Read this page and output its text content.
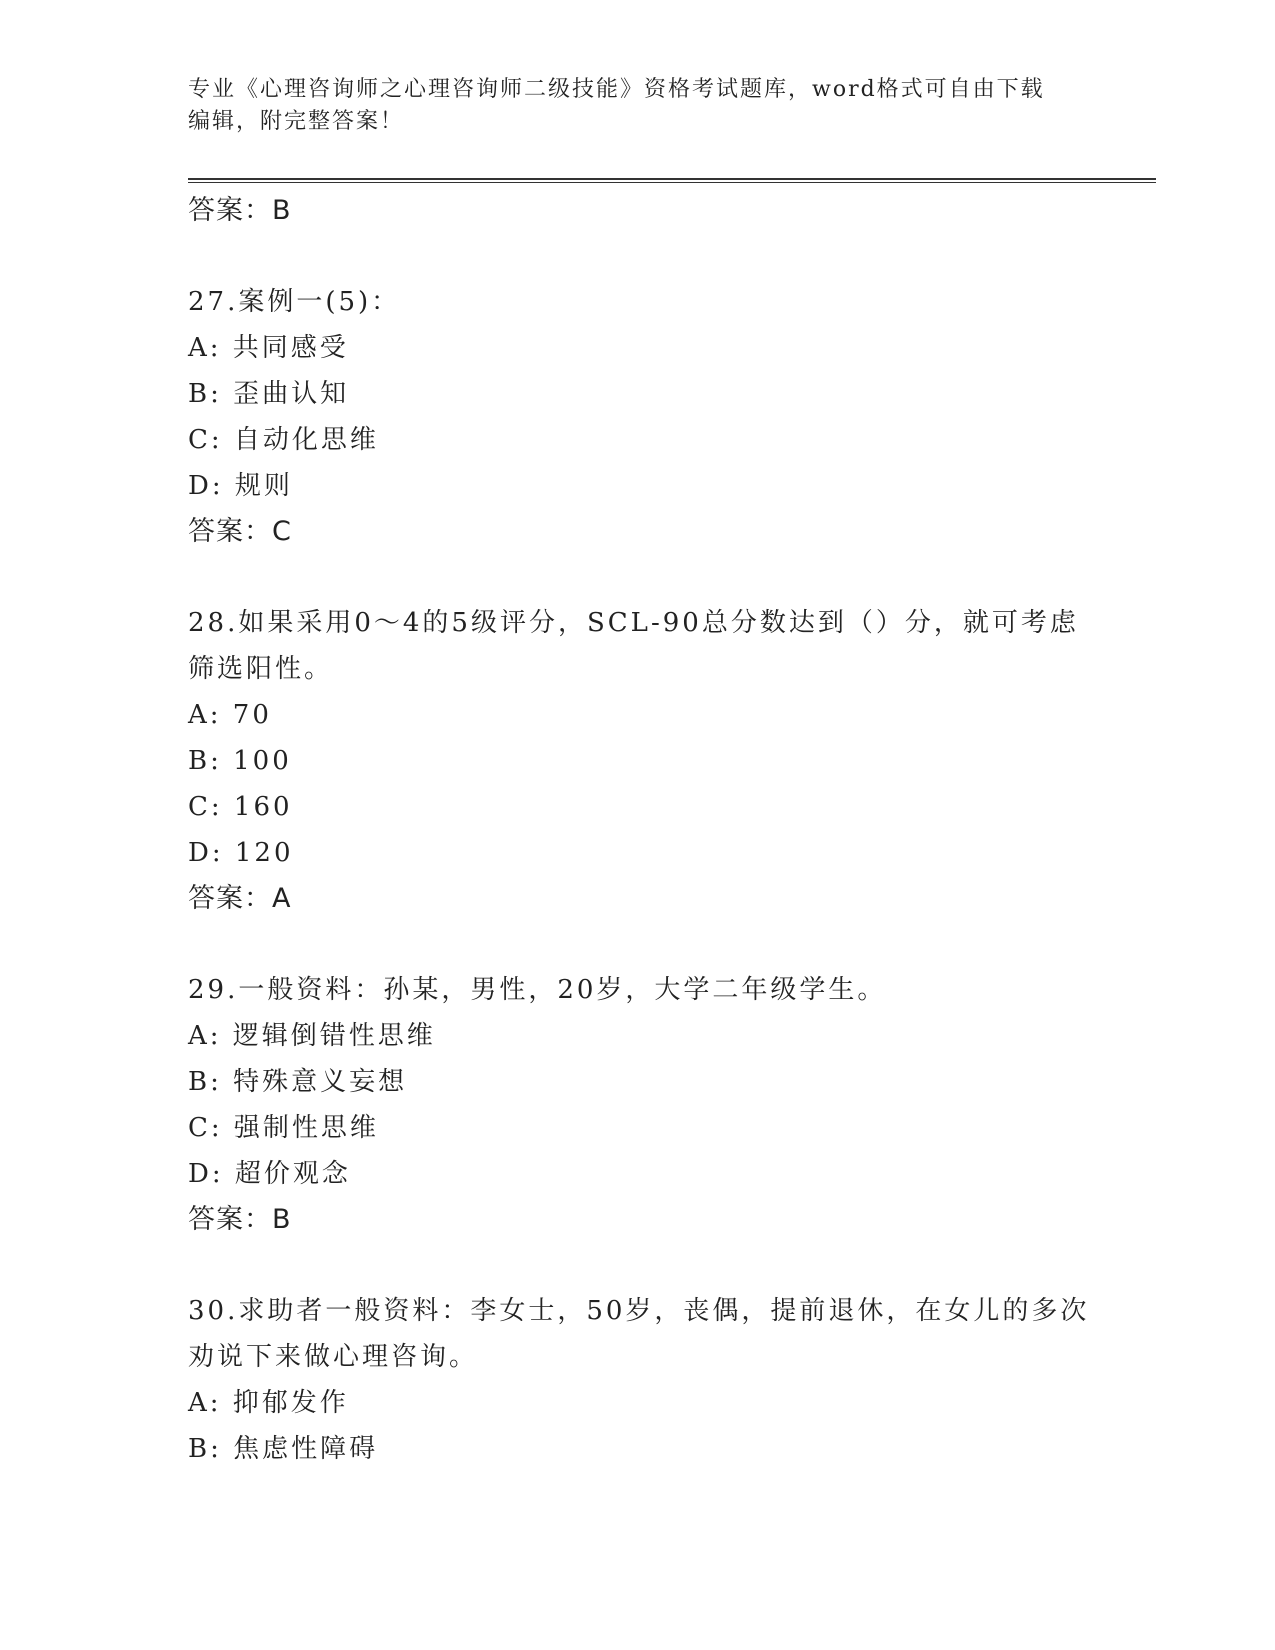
专业《心理咨询师之心理咨询师二级技能》资格考试题库，word格式可自由下载
编辑，附完整答案！
答案：B
27.案例一(5)：
A: 共同感受
B: 歪曲认知
C: 自动化思维
D: 规则
答案：C
28.如果采用0～4的5级评分，SCL-90总分数达到（）分，就可考虑
筛选阳性。
A: 70
B: 100
C: 160
D: 120
答案：A
29.一般资料：孙某，男性，20岁，大学二年级学生。
A: 逻辑倒错性思维
B: 特殊意义妄想
C: 强制性思维
D: 超价观念
答案：B
30.求助者一般资料：李女士，50岁，丧偶，提前退休，在女儿的多次
劝说下来做心理咨询。
A: 抑郁发作
B: 焦虑性障碍
